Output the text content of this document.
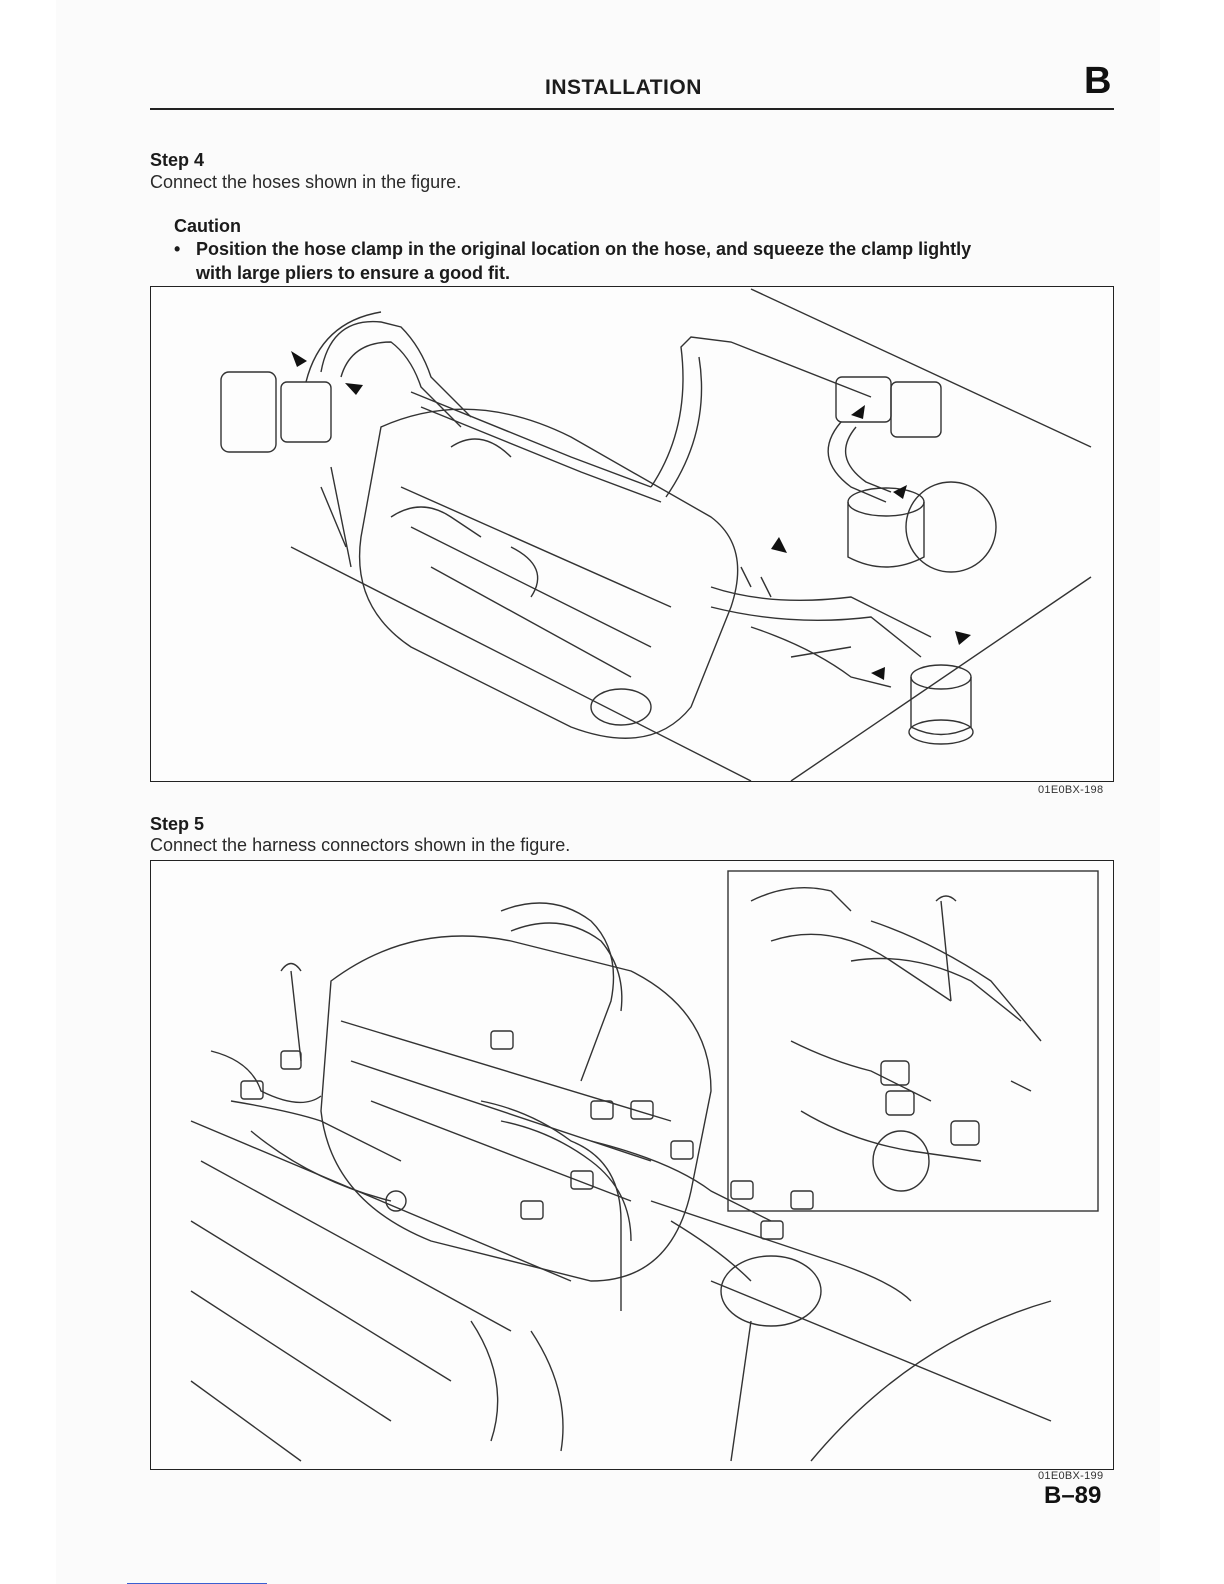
INSTALLATION	B
Step 4
Connect the hoses shown in the figure.
Caution
• Position the hose clamp in the original location on the hose, and squeeze the clamp lightly
with large pliers to ensure a good fit.
01E0BX-198
Step 5
Connect the harness connectors shown in the figure.
01E0BX-199
B–89
